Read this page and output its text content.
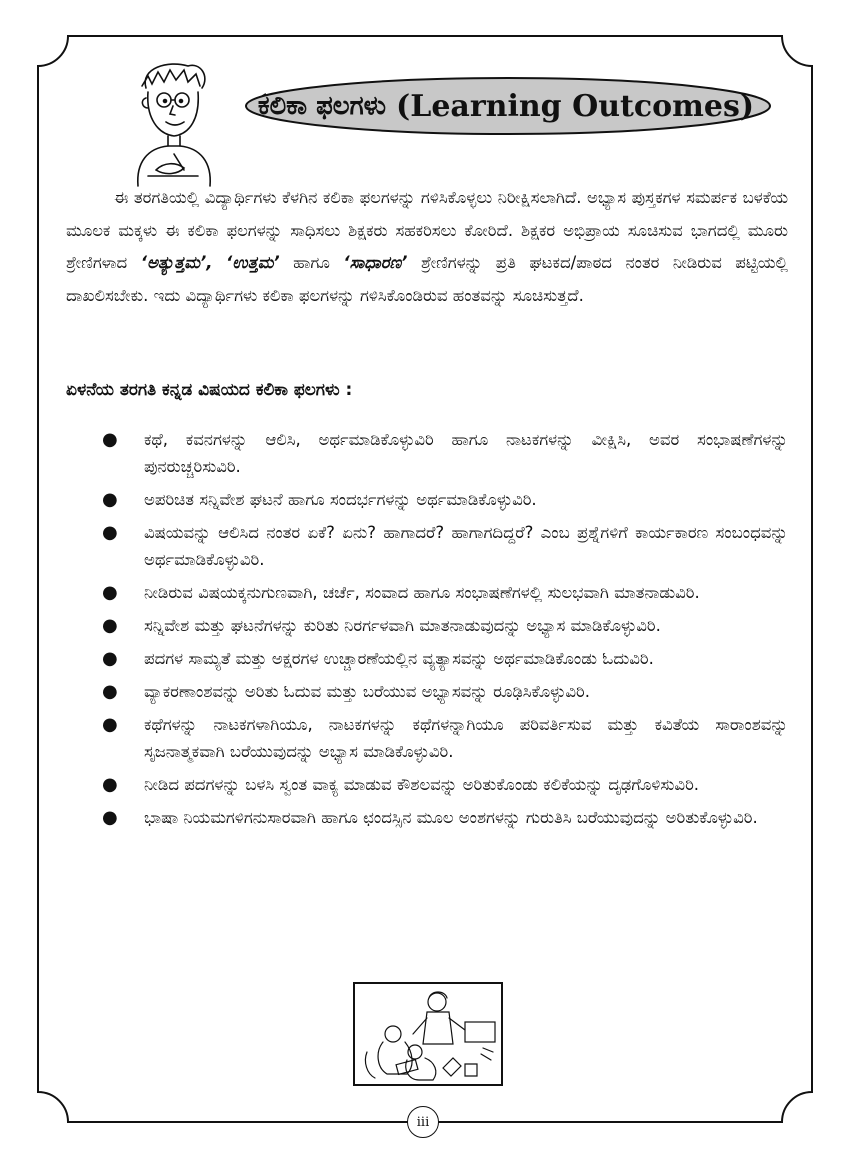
ಕಲಿಕಾ ಫಲಗಳು (Learning Outcomes)

ಈ ತರಗತಿಯಲ್ಲಿ ವಿದ್ಯಾರ್ಥಿಗಳು ಕೆಳಗಿನ ಕಲಿಕಾ ಫಲಗಳನ್ನು ಗಳಿಸಿಕೊಳ್ಳಲು ನಿರೀಕ್ಷಿಸಲಾಗಿದೆ. ಅಭ್ಯಾಸ ಪುಸ್ತಕಗಳ ಸಮರ್ಪಕ ಬಳಕೆಯ ಮೂಲಕ ಮಕ್ಕಳು ಈ ಕಲಿಕಾ ಫಲಗಳನ್ನು ಸಾಧಿಸಲು ಶಿಕ್ಷಕರು ಸಹಕರಿಸಲು ಕೋರಿದೆ. ಶಿಕ್ಷಕರ ಅಭಿಪ್ರಾಯ ಸೂಚಿಸುವ ಭಾಗದಲ್ಲಿ ಮೂರು ಶ್ರೇಣಿಗಳಾದ ‘ಅತ್ಯುತ್ತಮ’, ‘ಉತ್ತಮ’ ಹಾಗೂ ‘ಸಾಧಾರಣ’ ಶ್ರೇಣಿಗಳನ್ನು ಪ್ರತಿ ಘಟಕದ/ಪಾಠದ ನಂತರ ನೀಡಿರುವ ಪಟ್ಟಿಯಲ್ಲಿ ದಾಖಲಿಸಬೇಕು. ಇದು ವಿದ್ಯಾರ್ಥಿಗಳು ಕಲಿಕಾ ಫಲಗಳನ್ನು ಗಳಿಸಿಕೊಂಡಿರುವ ಹಂತವನ್ನು ಸೂಚಿಸುತ್ತದೆ.

ಏಳನೆಯ ತರಗತಿ ಕನ್ನಡ ವಿಷಯದ ಕಲಿಕಾ ಫಲಗಳು :

● ಕಥೆ, ಕವನಗಳನ್ನು ಆಲಿಸಿ, ಅರ್ಥಮಾಡಿಕೊಳ್ಳುವಿರಿ ಹಾಗೂ ನಾಟಕಗಳನ್ನು ವೀಕ್ಷಿಸಿ, ಅವರ ಸಂಭಾಷಣೆಗಳನ್ನು ಪುನರುಚ್ಚರಿಸುವಿರಿ.
● ಅಪರಿಚಿತ ಸನ್ನಿವೇಶ ಘಟನೆ ಹಾಗೂ ಸಂದರ್ಭಗಳನ್ನು ಅರ್ಥಮಾಡಿಕೊಳ್ಳುವಿರಿ.
● ವಿಷಯವನ್ನು ಆಲಿಸಿದ ನಂತರ ಏಕೆ? ಏನು? ಹಾಗಾದರೆ? ಹಾಗಾಗದಿದ್ದರೆ? ಎಂಬ ಪ್ರಶ್ನೆಗಳಿಗೆ ಕಾರ್ಯಕಾರಣ ಸಂಬಂಧವನ್ನು ಅರ್ಥಮಾಡಿಕೊಳ್ಳುವಿರಿ.
● ನೀಡಿರುವ ವಿಷಯಕ್ಕನುಗುಣವಾಗಿ, ಚರ್ಚೆ, ಸಂವಾದ ಹಾಗೂ ಸಂಭಾಷಣೆಗಳಲ್ಲಿ ಸುಲಭವಾಗಿ ಮಾತನಾಡುವಿರಿ.
● ಸನ್ನಿವೇಶ ಮತ್ತು ಘಟನೆಗಳನ್ನು ಕುರಿತು ನಿರರ್ಗಳವಾಗಿ ಮಾತನಾಡುವುದನ್ನು ಅಭ್ಯಾಸ ಮಾಡಿಕೊಳ್ಳುವಿರಿ.
● ಪದಗಳ ಸಾಮ್ಯತೆ ಮತ್ತು ಅಕ್ಷರಗಳ ಉಚ್ಚಾರಣೆಯಲ್ಲಿನ ವ್ಯತ್ಯಾಸವನ್ನು ಅರ್ಥಮಾಡಿಕೊಂಡು ಓದುವಿರಿ.
● ವ್ಯಾಕರಣಾಂಶವನ್ನು ಅರಿತು ಓದುವ ಮತ್ತು ಬರೆಯುವ ಅಭ್ಯಾಸವನ್ನು ರೂಢಿಸಿಕೊಳ್ಳುವಿರಿ.
● ಕಥೆಗಳನ್ನು ನಾಟಕಗಳಾಗಿಯೂ, ನಾಟಕಗಳನ್ನು ಕಥೆಗಳನ್ನಾಗಿಯೂ ಪರಿವರ್ತಿಸುವ ಮತ್ತು ಕವಿತೆಯ ಸಾರಾಂಶವನ್ನು ಸೃಜನಾತ್ಮಕವಾಗಿ ಬರೆಯುವುದನ್ನು ಅಭ್ಯಾಸ ಮಾಡಿಕೊಳ್ಳುವಿರಿ.
● ನೀಡಿದ ಪದಗಳನ್ನು ಬಳಸಿ ಸ್ವಂತ ವಾಕ್ಯ ಮಾಡುವ ಕೌಶಲವನ್ನು ಅರಿತುಕೊಂಡು ಕಲಿಕೆಯನ್ನು ದೃಢಗೊಳಿಸುವಿರಿ.
● ಭಾಷಾ ನಿಯಮಗಳಿಗನುಸಾರವಾಗಿ ಹಾಗೂ ಛಂದಸ್ಸಿನ ಮೂಲ ಅಂಶಗಳನ್ನು ಗುರುತಿಸಿ ಬರೆಯುವುದನ್ನು ಅರಿತುಕೊಳ್ಳುವಿರಿ.
iii
